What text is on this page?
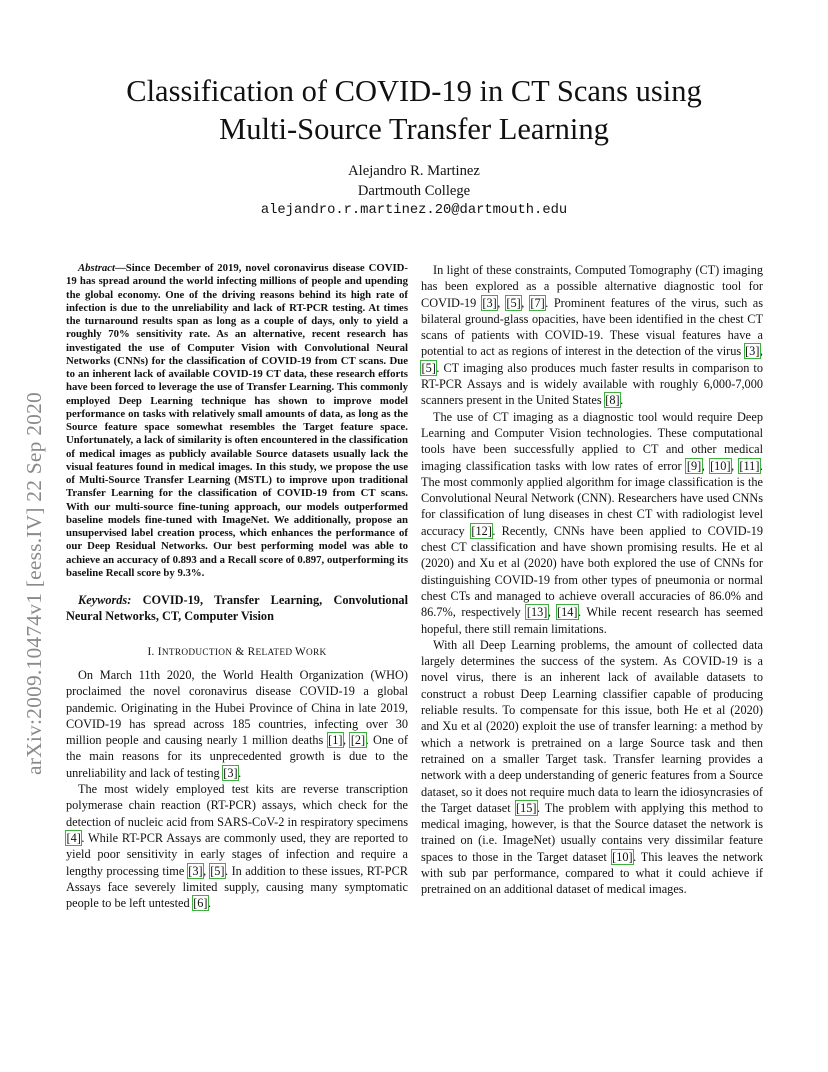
arXiv:2009.10474v1 [eess.IV] 22 Sep 2020
Classification of COVID-19 in CT Scans using
Multi-Source Transfer Learning
Alejandro R. Martinez
Dartmouth College
alejandro.r.martinez.20@dartmouth.edu

Abstract—Since December of 2019, novel coronavirus disease COVID-19 has spread around the world infecting millions of people and upending the global economy. One of the driving reasons behind its high rate of infection is due to the unreliability and lack of RT-PCR testing. At times the turnaround results span as long as a couple of days, only to yield a roughly 70% sensitivity rate. As an alternative, recent research has investigated the use of Computer Vision with Convolutional Neural Networks (CNNs) for the classification of COVID-19 from CT scans. Due to an inherent lack of available COVID-19 CT data, these research efforts have been forced to leverage the use of Transfer Learning. This commonly employed Deep Learning technique has shown to improve model performance on tasks with relatively small amounts of data, as long as the Source feature space somewhat resembles the Target feature space. Unfortunately, a lack of similarity is often encountered in the classification of medical images as publicly available Source datasets usually lack the visual features found in medical images. In this study, we propose the use of Multi-Source Transfer Learning (MSTL) to improve upon traditional Transfer Learning for the classification of COVID-19 from CT scans. With our multi-source fine-tuning approach, our models outperformed baseline models fine-tuned with ImageNet. We additionally, propose an unsupervised label creation process, which enhances the performance of our Deep Residual Networks. Our best performing model was able to achieve an accuracy of 0.893 and a Recall score of 0.897, outperforming its baseline Recall score by 9.3%.

Keywords: COVID-19, Transfer Learning, Convolutional Neural Networks, CT, Computer Vision

I. INTRODUCTION & RELATED WORK

On March 11th 2020, the World Health Organization (WHO) proclaimed the novel coronavirus disease COVID-19 a global pandemic. Originating in the Hubei Province of China in late 2019, COVID-19 has spread across 185 countries, infecting over 30 million people and causing nearly 1 million deaths [1], [2]. One of the main reasons for its unprecedented growth is due to the unreliability and lack of testing [3].

The most widely employed test kits are reverse transcription polymerase chain reaction (RT-PCR) assays, which check for the detection of nucleic acid from SARS-CoV-2 in respiratory specimens [4]. While RT-PCR Assays are commonly used, they are reported to yield poor sensitivity in early stages of infection and require a lengthy processing time [3], [5]. In addition to these issues, RT-PCR Assays face severely limited supply, causing many symptomatic people to be left untested [6].

In light of these constraints, Computed Tomography (CT) imaging has been explored as a possible alternative diagnostic tool for COVID-19 [3], [5], [7]. Prominent features of the virus, such as bilateral ground-glass opacities, have been identified in the chest CT scans of patients with COVID-19. These visual features have a potential to act as regions of interest in the detection of the virus [3], [5]. CT imaging also produces much faster results in comparison to RT-PCR Assays and is widely available with roughly 6,000-7,000 scanners present in the United States [8].

The use of CT imaging as a diagnostic tool would require Deep Learning and Computer Vision technologies. These computational tools have been successfully applied to CT and other medical imaging classification tasks with low rates of error [9], [10], [11]. The most commonly applied algorithm for image classification is the Convolutional Neural Network (CNN). Researchers have used CNNs for classification of lung diseases in chest CT with radiologist level accuracy [12]. Recently, CNNs have been applied to COVID-19 chest CT classification and have shown promising results. He et al (2020) and Xu et al (2020) have both explored the use of CNNs for distinguishing COVID-19 from other types of pneumonia or normal chest CTs and managed to achieve overall accuracies of 86.0% and 86.7%, respectively [13], [14]. While recent research has seemed hopeful, there still remain limitations.

With all Deep Learning problems, the amount of collected data largely determines the success of the system. As COVID-19 is a novel virus, there is an inherent lack of available datasets to construct a robust Deep Learning classifier capable of producing reliable results. To compensate for this issue, both He et al (2020) and Xu et al (2020) exploit the use of transfer learning: a method by which a network is pretrained on a large Source task and then retrained on a smaller Target task. Transfer learning provides a network with a deep understanding of generic features from a Source dataset, so it does not require much data to learn the idiosyncrasies of the Target dataset [15]. The problem with applying this method to medical imaging, however, is that the Source dataset the network is trained on (i.e. ImageNet) usually contains very dissimilar feature spaces to those in the Target dataset [10]. This leaves the network with sub par performance, compared to what it could achieve if pretrained on an additional dataset of medical images.
